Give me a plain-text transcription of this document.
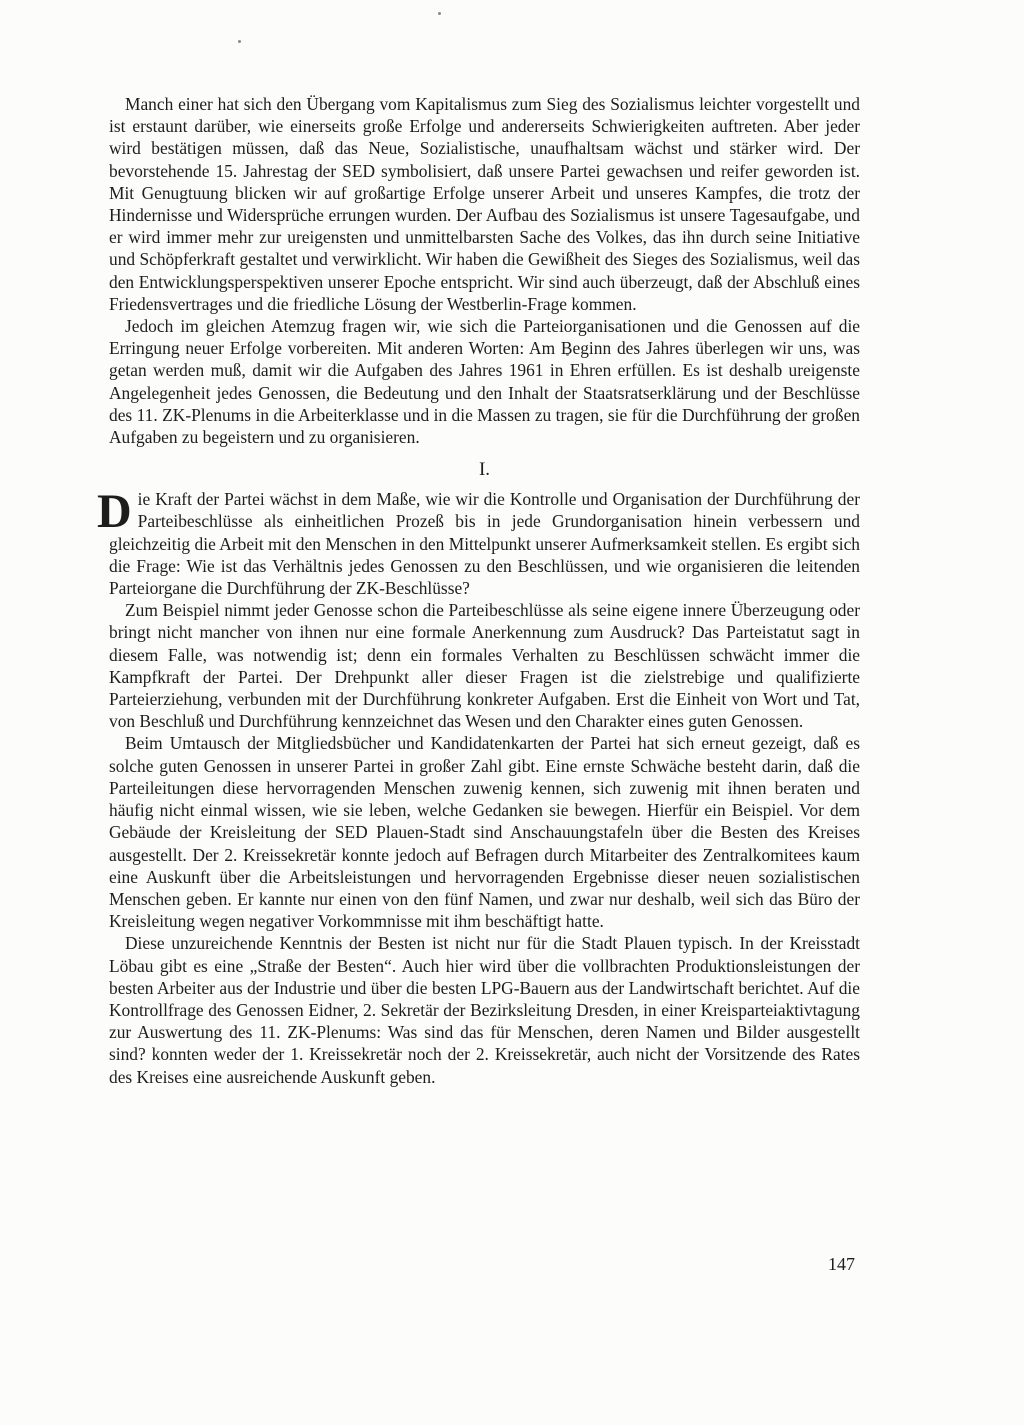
Manch einer hat sich den Übergang vom Kapitalismus zum Sieg des Sozialismus leichter vorgestellt und ist erstaunt darüber, wie einerseits große Erfolge und andererseits Schwierigkeiten auftreten. Aber jeder wird bestätigen müssen, daß das Neue, Sozialistische, unaufhaltsam wächst und stärker wird. Der bevorstehende 15. Jahrestag der SED symbolisiert, daß unsere Partei gewachsen und reifer geworden ist. Mit Genugtuung blicken wir auf großartige Erfolge unserer Arbeit und unseres Kampfes, die trotz der Hindernisse und Widersprüche errungen wurden. Der Aufbau des Sozialismus ist unsere Tagesaufgabe, und er wird immer mehr zur ureigensten und unmittelbarsten Sache des Volkes, das ihn durch seine Initiative und Schöpferkraft gestaltet und verwirklicht. Wir haben die Gewißheit des Sieges des Sozialismus, weil das den Entwicklungsperspektiven unserer Epoche entspricht. Wir sind auch überzeugt, daß der Abschluß eines Friedensvertrages und die friedliche Lösung der Westberlin-Frage kommen.

Jedoch im gleichen Atemzug fragen wir, wie sich die Parteiorganisationen und die Genossen auf die Erringung neuer Erfolge vorbereiten. Mit anderen Worten: Am Beginn des Jahres überlegen wir uns, was getan werden muß, damit wir die Aufgaben des Jahres 1961 in Ehren erfüllen. Es ist deshalb ureigenste Angelegenheit jedes Genossen, die Bedeutung und den Inhalt der Staatsratserklärung und der Beschlüsse des 11. ZK-Plenums in die Arbeiterklasse und in die Massen zu tragen, sie für die Durchführung der großen Aufgaben zu begeistern und zu organisieren.

I.

Die Kraft der Partei wächst in dem Maße, wie wir die Kontrolle und Organisation der Durchführung der Parteibeschlüsse als einheitlichen Prozeß bis in jede Grundorganisation hinein verbessern und gleichzeitig die Arbeit mit den Menschen in den Mittelpunkt unserer Aufmerksamkeit stellen. Es ergibt sich die Frage: Wie ist das Verhältnis jedes Genossen zu den Beschlüssen, und wie organisieren die leitenden Parteiorgane die Durchführung der ZK-Beschlüsse?

Zum Beispiel nimmt jeder Genosse schon die Parteibeschlüsse als seine eigene innere Überzeugung oder bringt nicht mancher von ihnen nur eine formale Anerkennung zum Ausdruck? Das Parteistatut sagt in diesem Falle, was notwendig ist; denn ein formales Verhalten zu Beschlüssen schwächt immer die Kampfkraft der Partei. Der Drehpunkt aller dieser Fragen ist die zielstrebige und qualifizierte Parteierziehung, verbunden mit der Durchführung konkreter Aufgaben. Erst die Einheit von Wort und Tat, von Beschluß und Durchführung kennzeichnet das Wesen und den Charakter eines guten Genossen.

Beim Umtausch der Mitgliedsbücher und Kandidatenkarten der Partei hat sich erneut gezeigt, daß es solche guten Genossen in unserer Partei in großer Zahl gibt. Eine ernste Schwäche besteht darin, daß die Parteileitungen diese hervorragenden Menschen zuwenig kennen, sich zuwenig mit ihnen beraten und häufig nicht einmal wissen, wie sie leben, welche Gedanken sie bewegen. Hierfür ein Beispiel. Vor dem Gebäude der Kreisleitung der SED Plauen-Stadt sind Anschauungstafeln über die Besten des Kreises ausgestellt. Der 2. Kreissekretär konnte jedoch auf Befragen durch Mitarbeiter des Zentralkomitees kaum eine Auskunft über die Arbeitsleistungen und hervorragenden Ergebnisse dieser neuen sozialistischen Menschen geben. Er kannte nur einen von den fünf Namen, und zwar nur deshalb, weil sich das Büro der Kreisleitung wegen negativer Vorkommnisse mit ihm beschäftigt hatte.

Diese unzureichende Kenntnis der Besten ist nicht nur für die Stadt Plauen typisch. In der Kreisstadt Löbau gibt es eine „Straße der Besten“. Auch hier wird über die vollbrachten Produktionsleistungen der besten Arbeiter aus der Industrie und über die besten LPG-Bauern aus der Landwirtschaft berichtet. Auf die Kontrollfrage des Genossen Eidner, 2. Sekretär der Bezirksleitung Dresden, in einer Kreisparteiaktivtagung zur Auswertung des 11. ZK-Plenums: Was sind das für Menschen, deren Namen und Bilder ausgestellt sind? konnten weder der 1. Kreissekretär noch der 2. Kreissekretär, auch nicht der Vorsitzende des Rates des Kreises eine ausreichende Auskunft geben.

147
